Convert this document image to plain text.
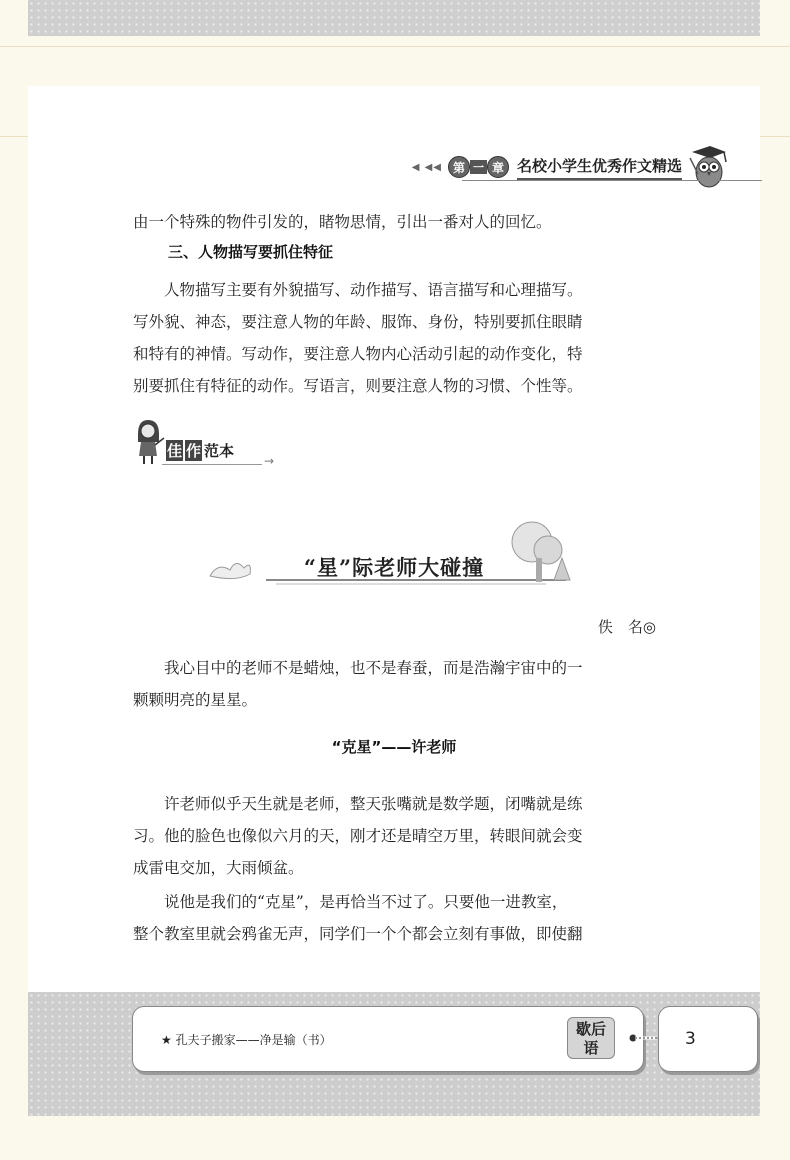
◀ ◀◀ 第 一 章 名校小学生优秀作文精选
由一个特殊的物件引发的，睹物思情，引出一番对人的回忆。
三、人物描写要抓住特征
　　人物描写主要有外貌描写、动作描写、语言描写和心理描写。
写外貌、神态，要注意人物的年龄、服饰、身份，特别要抓住眼睛
和特有的神情。写动作，要注意人物内心活动引起的动作变化，特
别要抓住有特征的动作。写语言，则要注意人物的习惯、个性等。
佳 作 范本
→
“星”际老师大碰撞
佚　名◎
　　我心目中的老师不是蜡烛，也不是春蚕，而是浩瀚宇宙中的一
颗颗明亮的星星。
“克星”——许老师
　　许老师似乎天生就是老师，整天张嘴就是数学题，闭嘴就是练
习。他的脸色也像似六月的天，刚才还是晴空万里，转眼间就会变
成雷电交加，大雨倾盆。
　　说他是我们的“克星”，是再恰当不过了。只要他一进教室，
整个教室里就会鸦雀无声，同学们一个个都会立刻有事做，即使翻
★ 孔夫子搬家——净是输（书）
歇后
语	3
